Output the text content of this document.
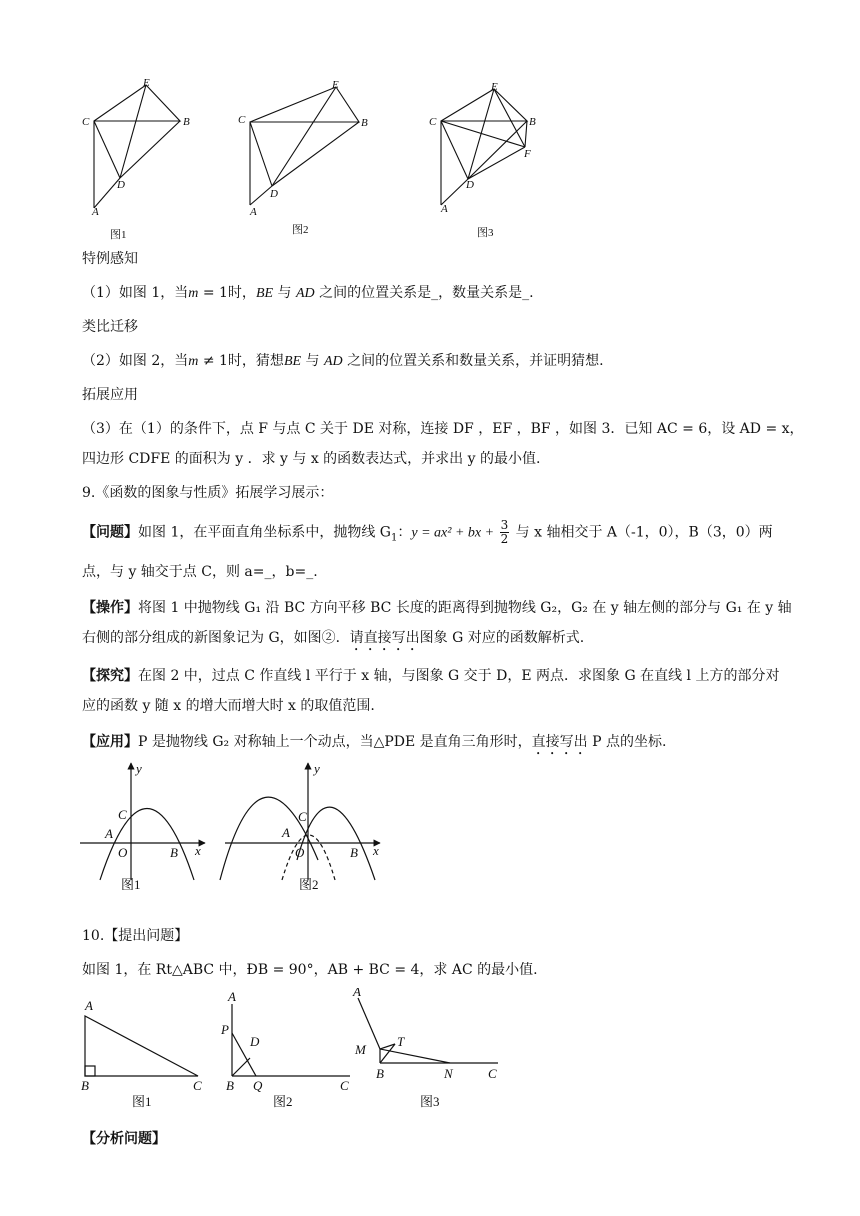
C
E
B
D
A
C
E
B
D
A
C
E
B
F
D
A
图1	图2	图3
特例感知
（1）如图 1，当m = 1时，BE 与 AD 之间的位置关系是_，数量关系是_.
类比迁移
（2）如图 2，当m ≠ 1时，猜想BE 与 AD 之间的位置关系和数量关系，并证明猜想.
拓展应用
（3）在（1）的条件下，点 F 与点 C 关于 DE 对称，连接 DF ，EF ，BF ，如图 3．已知 AC = 6，设 AD = x，
四边形 CDFE 的面积为 y ．求 y 与 x 的函数表达式，并求出 y 的最小值.
9.《函数的图象与性质》拓展学习展示：
【问题】如图 1，在平面直角坐标系中，抛物线 $G_1$：y = ax² + bx + $\frac{3}{2}$ 与 x 轴相交于 A（-1，0），B（3，0）两
点，与 y 轴交于点 C，则 a=_，b=_.
【操作】将图 1 中抛物线 G₁ 沿 BC 方向平移 BC 长度的距离得到抛物线 G₂，G₂ 在 y 轴左侧的部分与 G₁ 在 y 轴
右侧的部分组成的新图象记为 G，如图②．请直接写出图象 G 对应的函数解析式.
【探究】在图 2 中，过点 C 作直线 l 平行于 x 轴，与图象 G 交于 D，E 两点．求图象 G 在直线 l 上方的部分对
应的函数 y 随 x 的增大而增大时 x 的取值范围.
【应用】P 是抛物线 G₂ 对称轴上一个动点，当△PDE 是直角三角形时，直接写出 P 点的坐标.
y
x
O
A
B
C
y
x
O
A
B
C
图1	图2
10.【提出问题】
如图 1，在 Rt△ABC 中，ÐB = 90°，AB + BC = 4，求 AC 的最小值.
A
B	C
A
P
D
B Q	C
A
M
T
B	N	C
图1	图2	图3
【分析问题】
